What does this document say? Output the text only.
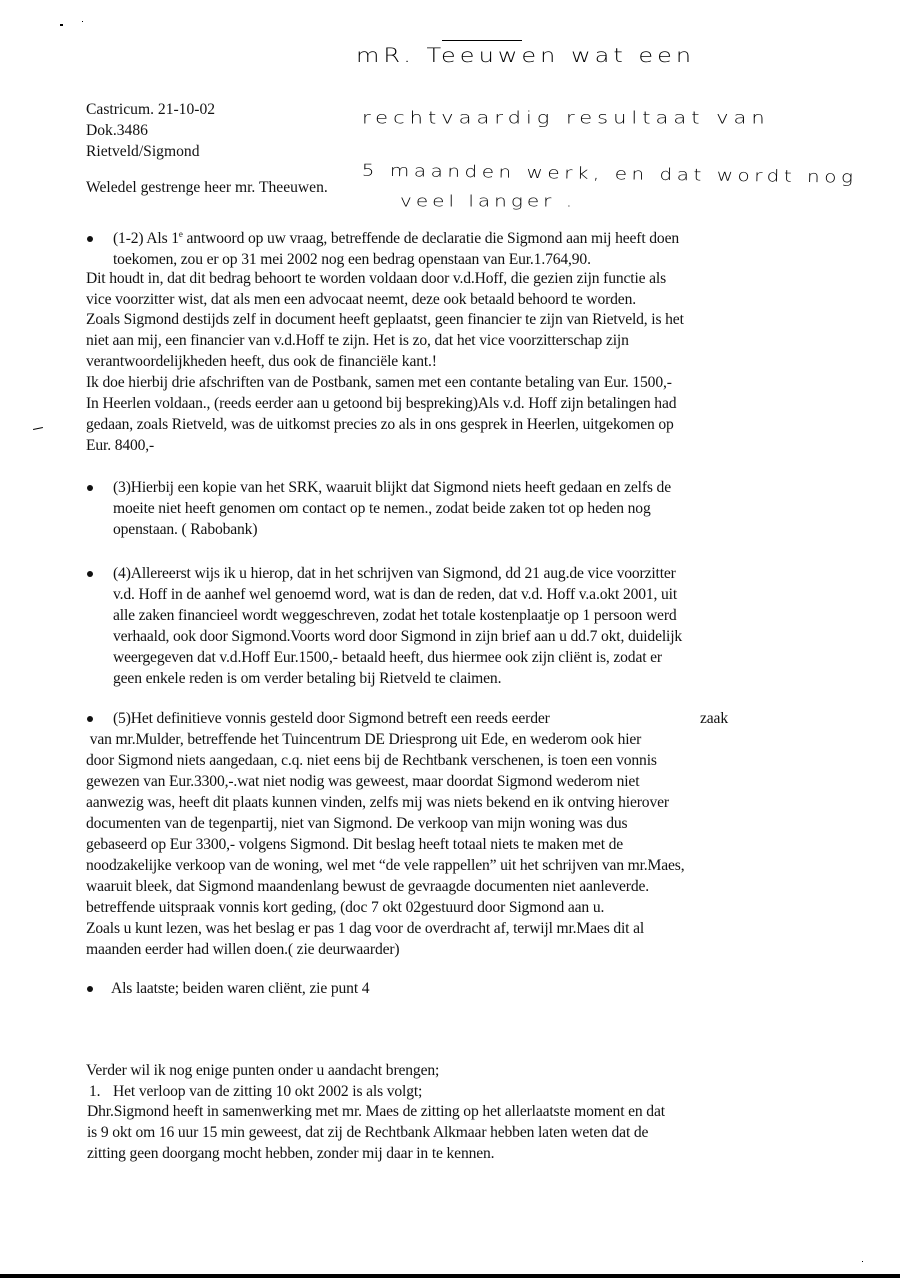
mR. Teeuwen wat een
rechtvaardig resultaat van
5 maanden werk, en dat wordt nog
veel langer .
Castricum. 21-10-02
Dok.3486
Rietveld/Sigmond
Weledel gestrenge heer mr. Theeuwen.
(1-2) Als 1e antwoord op uw vraag, betreffende de declaratie die Sigmond aan mij heeft doen
toekomen, zou er op 31 mei 2002 nog een bedrag openstaan van Eur.1.764,90.
Dit houdt in, dat dit bedrag behoort te worden voldaan door v.d.Hoff, die gezien zijn functie als
vice voorzitter wist, dat als men een advocaat neemt, deze ook betaald behoord te worden.
Zoals Sigmond destijds zelf in document heeft geplaatst, geen financier te zijn van Rietveld, is het
niet aan mij, een financier van v.d.Hoff te zijn. Het is zo, dat het vice voorzitterschap zijn
verantwoordelijkheden heeft, dus ook de financiële kant.!
Ik doe hierbij drie afschriften van de Postbank, samen met een contante betaling van Eur. 1500,-
In Heerlen voldaan., (reeds eerder aan u getoond bij bespreking)Als v.d. Hoff zijn betalingen had
gedaan, zoals Rietveld, was de uitkomst precies zo als in ons gesprek in Heerlen, uitgekomen op
Eur. 8400,-
(3)Hierbij een kopie van het SRK, waaruit blijkt dat Sigmond niets heeft gedaan en zelfs de
moeite niet heeft genomen om contact op te nemen., zodat beide zaken tot op heden nog
openstaan. ( Rabobank)
(4)Allereerst wijs ik u hierop, dat in het schrijven van Sigmond, dd 21 aug.de vice voorzitter
v.d. Hoff in de aanhef wel genoemd word, wat is dan de reden, dat v.d. Hoff v.a.okt 2001, uit
alle zaken financieel wordt weggeschreven, zodat het totale kostenplaatje op 1 persoon werd
verhaald, ook door Sigmond.Voorts word door Sigmond in zijn brief aan u dd.7 okt, duidelijk
weergegeven dat v.d.Hoff Eur.1500,- betaald heeft, dus hiermee ook zijn cliënt is, zodat er
geen enkele reden is om verder betaling bij Rietveld te claimen.
(5)Het definitieve vonnis gesteld door Sigmond betreft een reeds eerder	zaak
van mr.Mulder, betreffende het Tuincentrum DE Driesprong uit Ede, en wederom ook hier
door Sigmond niets aangedaan, c.q. niet eens bij de Rechtbank verschenen, is toen een vonnis
gewezen van Eur.3300,-.wat niet nodig was geweest, maar doordat Sigmond wederom niet
aanwezig was, heeft dit plaats kunnen vinden, zelfs mij was niets bekend en ik ontving hierover
documenten van de tegenpartij, niet van Sigmond. De verkoop van mijn woning was dus
gebaseerd op Eur 3300,- volgens Sigmond. Dit beslag heeft totaal niets te maken met de
noodzakelijke verkoop van de woning, wel met “de vele rappellen” uit het schrijven van mr.Maes,
waaruit bleek, dat Sigmond maandenlang bewust de gevraagde documenten niet aanleverde.
betreffende uitspraak vonnis kort geding, (doc 7 okt 02gestuurd door Sigmond aan u.
Zoals u kunt lezen, was het beslag er pas 1 dag voor de overdracht af, terwijl mr.Maes dit al
maanden eerder had willen doen.( zie deurwaarder)
Als laatste; beiden waren cliënt, zie punt 4
Verder wil ik nog enige punten onder u aandacht brengen;
1. Het verloop van de zitting 10 okt 2002 is als volgt;
Dhr.Sigmond heeft in samenwerking met mr. Maes de zitting op het allerlaatste moment en dat
is 9 okt om 16 uur 15 min geweest, dat zij de Rechtbank Alkmaar hebben laten weten dat de
zitting geen doorgang mocht hebben, zonder mij daar in te kennen.
